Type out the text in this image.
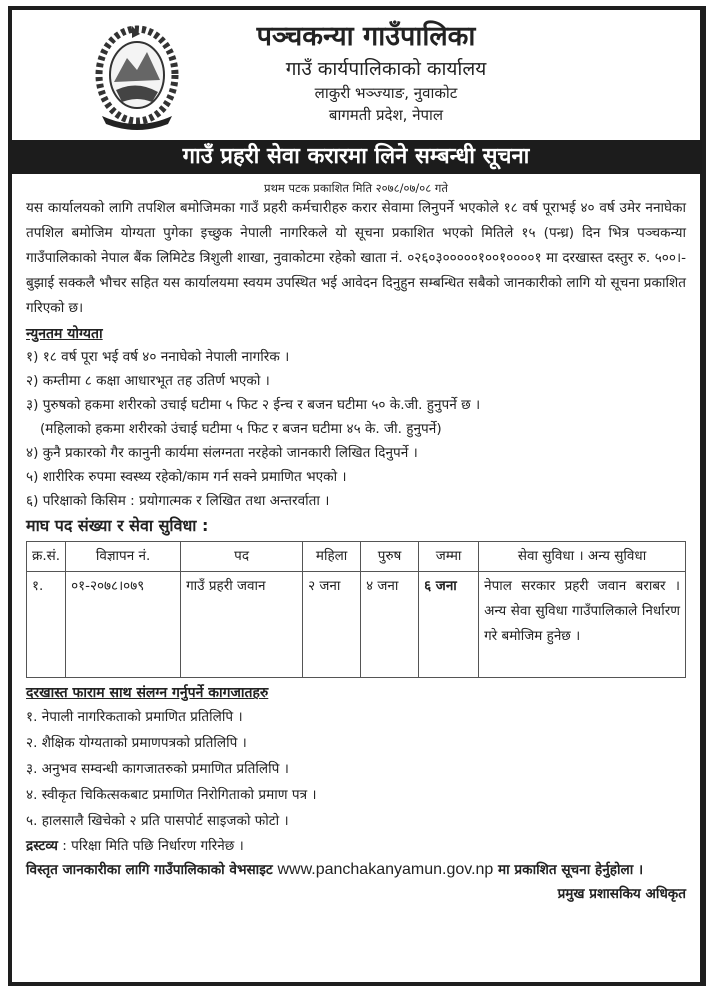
पञ्चकन्या गाउँपालिका
गाउँ कार्यपालिकाको कार्यालय
लाकुरी भञ्ज्याङ, नुवाकोट
बागमती प्रदेश, नेपाल
गाउँ प्रहरी सेवा करारमा लिने सम्बन्धी सूचना
प्रथम पटक प्रकाशित मिति २०७८/०७/०८ गते

यस कार्यालयको लागि तपशिल बमोजिमका गाउँ प्रहरी कर्मचारीहरु करार सेवामा लिनुपर्ने भएकोले १८ वर्ष पूराभई ४० वर्ष उमेर ननाघेका तपशिल बमोजिम योग्यता पुगेका इच्छुक नेपाली नागरिकले यो सूचना प्रकाशित भएको मितिले १५ (पन्ध्र) दिन भित्र पञ्चकन्या गाउँपालिकाको नेपाल बैंक लिमिटेड त्रिशुली शाखा, नुवाकोटमा रहेको खाता नं. ०२६०३०००००१००१००००१ मा दरखास्त दस्तुर रु. ५००।- बुझाई सक्कलै भौचर सहित यस कार्यालयमा स्वयम उपस्थित भई आवेदन दिनुहुन सम्बन्धित सबैको जानकारीको लागि यो सूचना प्रकाशित गरिएको छ।

न्युनतम योग्यता
१) १८ वर्ष पूरा भई वर्ष ४० ननाघेको नेपाली नागरिक ।
२) कम्तीमा ८ कक्षा आधारभूत तह उतिर्ण भएको ।
३) पुरुषको हकमा शरीरको उचाई घटीमा ५ फिट २ ईन्च र बजन घटीमा ५० के.जी. हुनुपर्ने छ ।
(महिलाको हकमा शरीरको उंचाई घटीमा ५ फिट र बजन घटीमा ४५ के. जी. हुनुपर्ने)
४) कुनै प्रकारको गैर कानुनी कार्यमा संलग्नता नरहेको जानकारी लिखित दिनुपर्ने ।
५) शारीरिक रुपमा स्वस्थ्य रहेको/काम गर्न सक्ने प्रमाणित भएको ।
६) परिक्षाको किसिम : प्रयोगात्मक र लिखित तथा अन्तरर्वाता ।
माघ पद संख्या र सेवा सुविधा :
क्र.सं.	विज्ञापन नं.	पद	महिला	पुरुष	जम्मा	सेवा सुविधा । अन्य सुविधा
१.	०१-२०७८।०७९	गाउँ प्रहरी जवान	२ जना	४ जना	६ जना	नेपाल सरकार प्रहरी जवान बराबर । अन्य सेवा सुविधा गाउँपालिकाले निर्धारण गरे बमोजिम हुनेछ ।
दरखास्त फाराम साथ संलग्न गर्नुपर्ने कागजातहरु
१. नेपाली नागरिकताको प्रमाणित प्रतिलिपि ।
२. शैक्षिक योग्यताको प्रमाणपत्रको प्रतिलिपि ।
३. अनुभव सम्वन्धी कागजातरुको प्रमाणित प्रतिलिपि ।
४. स्वीकृत चिकित्सकबाट प्रमाणित निरोगिताको प्रमाण पत्र ।
५. हालसालै खिचेको २ प्रति पासपोर्ट साइजको फोटो ।
द्रस्टव्य : परिक्षा मिति पछि निर्धारण गरिनेछ ।
विस्तृत जानकारीका लागि गाउँपालिकाको वेभसाइट www.panchakanyamun.gov.np मा प्रकाशित सूचना हेर्नुहोला ।
प्रमुख प्रशासकिय अधिकृत
